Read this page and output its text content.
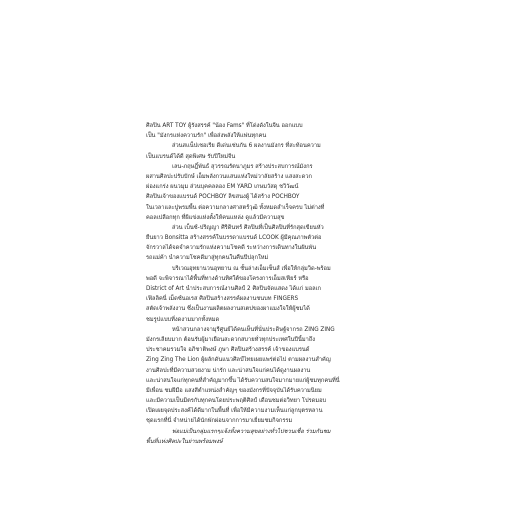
ศิลปิน ART TOY ผู้รังสรรค์ "น้อง Fams" ที่โด่งดังในจีน ออกแบบ
เป็น "มังกรแห่งความรัก" เพื่อส่งพลังให้แฟนทุกคน
ส่วนสแน็ปเชอเรีย ดีเด่นเช่นกัน 6 ผลงานมังกร ที่สะท้อนความ
เป็นแบรนด์ได้ดี สุดพิเศษ รับปีใหม่จีน
เลน-ภฤษฎิ์พันธ์ สุวรรณรัตนาภูมร สร้างประสบการณ์มังกร
ผสานศิลปะปรับปักษ์ เอ็มพลังกวนแสนแห่งใหม่วาลัยสร้าง แสงสะดวก
ผ่องแกร่ง ผนวมุม ส่วนบุคคลลอง EM YARD เกษมวัสดุ ชวิวัฒน์
ศิลปินเจ้าของแบรนด์ POCHBOY ลิขสนงผู้ ได้สร้าง POCHBOY
ในเวลาและปูพรมพื้น ต่อความกลางศาสตร์วุฒิ ทั้งหมดสำเร็จครบ ไม่ต่างที่
คอลเปลือกทุก ที่ผีแข่งแห่งตั้งให้คนแหล่ง ดูแล้วมีความสุข
ส่วน เบ็นซ์-ปริญญา ศิริดินทร์ ศิลปินที่เป็นศิลปินที่รักสุดเขียนหัว
ยืนยาว Bonsitta สร้างสรรค์ในบรรดาแบรนด์ LCOOK ผู้มีคุณภาพตัวต่อ
จักรวาลได้จดจำความรักแห่งความโชคดี ระหว่างการเดินทางในฝันพัน
รถแม่ค้า นำความโชคดีมาสู่ทุกคนในคืนปีปลุกใหม่
บริเวณอุทยานวนอุทยาน ณ ชั้นล่างเอ็มเซ็นส์ เพื่อให้กลุ่มวิด-พร้อม
พอดี จะพิจารณาได้พื้นที่ทางด้านทิศใต้ของโครงการเอ็มสเฟียร์ หรือ
District of Art นำประสบการณ์งานศิลป์ 2 ศิลปินจัดแสดง ได้แก่ มอลเก
เฟิลลิคนี่ เม็ดซ์นอเรส ศิลปินสร้างสรรค์ผลงานชนบท FINGERS
สตัดเจ้าพลังงาน ซึ่งเป็นงานผลิตผลงานสเตปของผาแมงใจให้ผู้ชมได้
ชมรูปแบบที่งดงามมากทั้งหมด
หน้าสวนกลางจามุรีศูนย์ได้คนเห็นที่นั่นประดิษฐ์จากรถ ZING ZING
มังกรเลียบมาก ต้อนรับผู้มาเยือนสะดวกสบายทั่วทุกประเทศในปีนี้มาถึง
ประชาคมรวมใจ อภิชาติพงษ์ ภูษา ศิลปินสร้างสรรค์ เจ้าของแบรนด์
Zing Zing The Lion ผู้ผลักดันแนวศิลป์ไทยเผยแพร่ต่อไป ตามผลงานสำคัญ
งานศิลปะที่มีความสวยงาม น่ารัก และน่าสนใจแก่คนได้ดูงานผลงาน
และน่าสนใจแก่ทุกคนที่สำคัญมากขึ้น ได้รับความสนใจมากมายแก่ผู้ชมทุกคนที่นี่
มีเพื่อน ชมฝีมือ แสงสีตำแหน่งสำคัญๆ ของมังกรที่ปัจจุบันได้รับความนิยม
และมีความเป็นมิตรกับทุกคนโดยประพฤติศิลป์ เดือนชมต่อวิทยา โปรดมอบ
เปิดเผยจุดประสงค์ได้ดีมากในพื้นที่ เพื่อให้มีความงามเห็นแก่ลูกบุตรหลาน
ชุดแรกที่นี่ จำหน่ายได้นักพักผ่อนจากการมาเยี่ยมชมกิจกรรม
พ่อแม่เป็นกลุ่มแรกๆแจ้งทั้งความสุขอย่างทั่วไปชวนเชื่อ ร่วมกันชม
พื้นที่แห่งศิลปะในย่านพร้อมพงษ์
